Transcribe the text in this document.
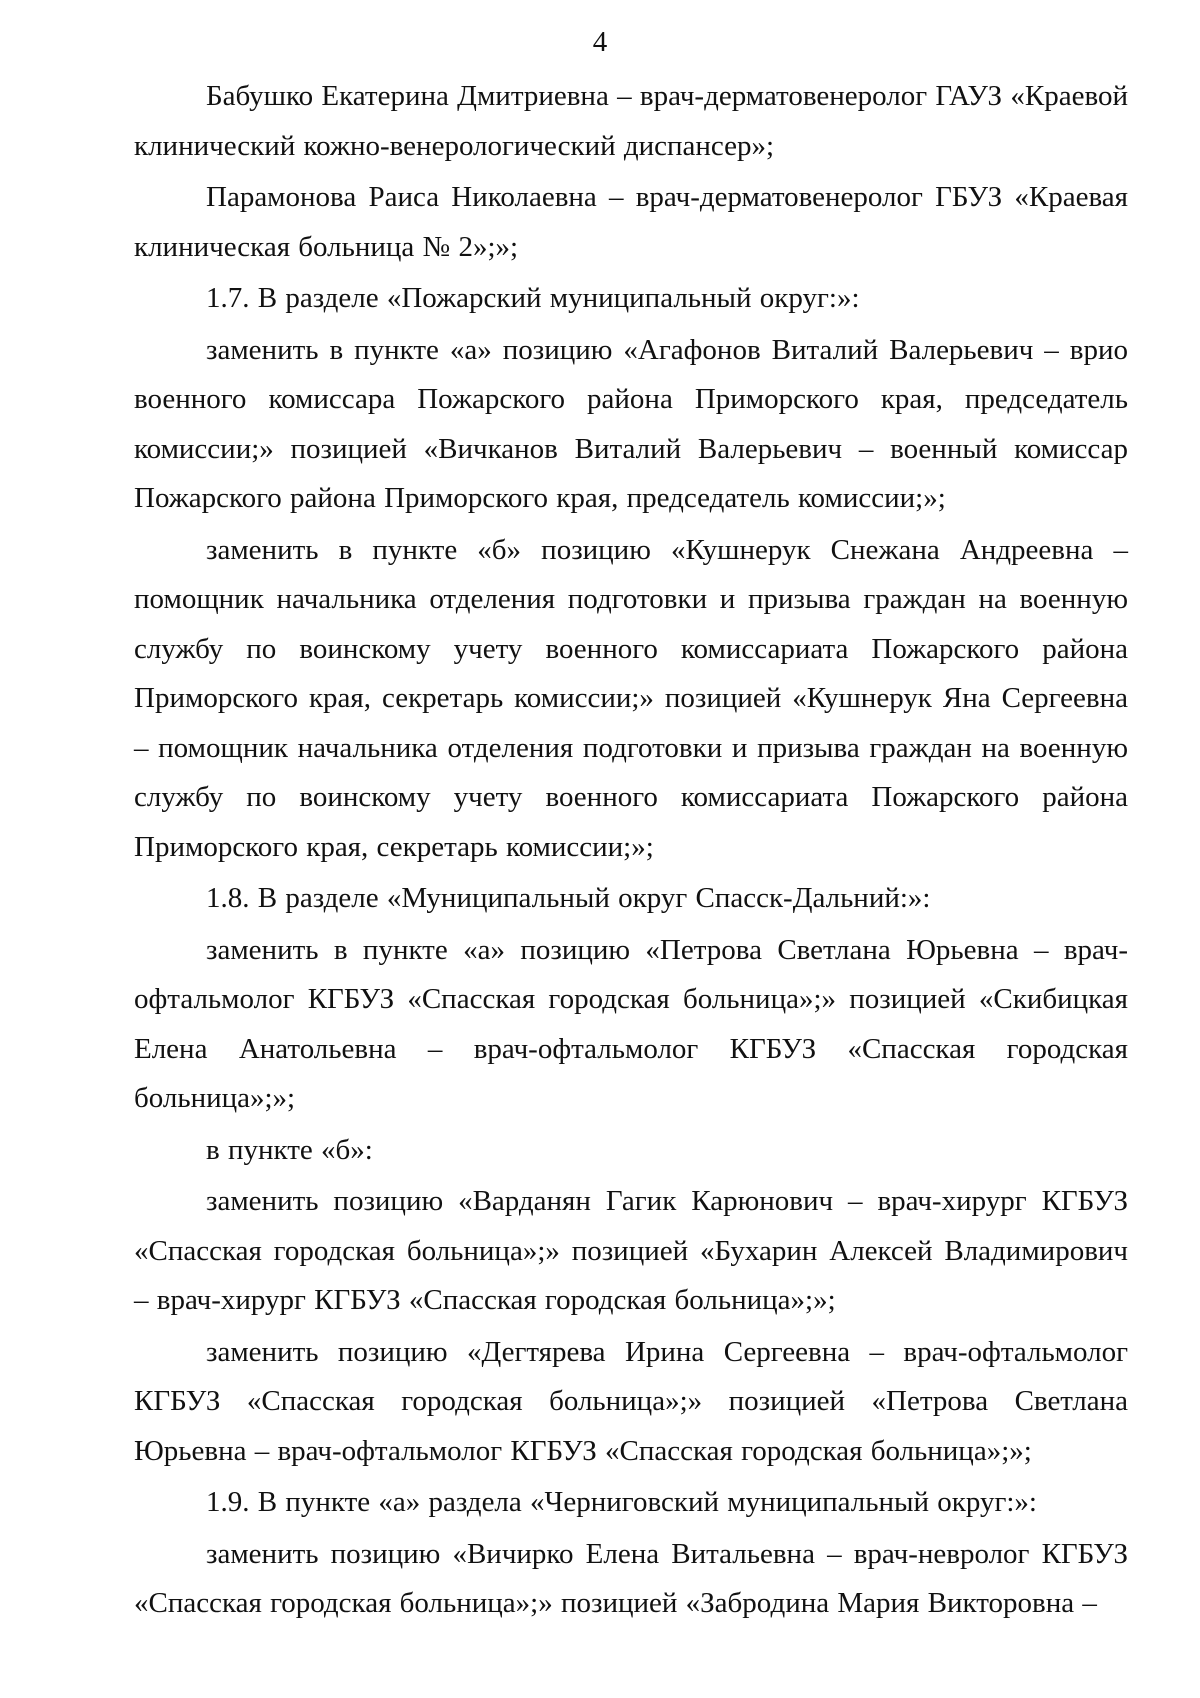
4

Бабушко Екатерина Дмитриевна – врач-дерматовенеролог ГАУЗ «Краевой клинический кожно-венерологический диспансер»;

Парамонова Раиса Николаевна – врач-дерматовенеролог ГБУЗ «Краевая клиническая больница № 2»;»;

1.7. В разделе «Пожарский муниципальный округ:»:

заменить в пункте «а» позицию «Агафонов Виталий Валерьевич – врио военного комиссара Пожарского района Приморского края, председатель комиссии;» позицией «Вичканов Виталий Валерьевич – военный комиссар Пожарского района Приморского края, председатель комиссии;»;

заменить в пункте «б» позицию «Кушнерук Снежана Андреевна – помощник начальника отделения подготовки и призыва граждан на военную службу по воинскому учету военного комиссариата Пожарского района Приморского края, секретарь комиссии;» позицией «Кушнерук Яна Сергеевна – помощник начальника отделения подготовки и призыва граждан на военную службу по воинскому учету военного комиссариата Пожарского района Приморского края, секретарь комиссии;»;

1.8. В разделе «Муниципальный округ Спасск-Дальний:»:

заменить в пункте «а» позицию «Петрова Светлана Юрьевна – врач-офтальмолог КГБУЗ «Спасская городская больница»;» позицией «Скибицкая Елена Анатольевна – врач-офтальмолог КГБУЗ «Спасская городская больница»;»;

в пункте «б»:

заменить позицию «Варданян Гагик Карюнович – врач-хирург КГБУЗ «Спасская городская больница»;» позицией «Бухарин Алексей Владимирович – врач-хирург КГБУЗ «Спасская городская больница»;»;

заменить позицию «Дегтярева Ирина Сергеевна – врач-офтальмолог КГБУЗ «Спасская городская больница»;» позицией «Петрова Светлана Юрьевна – врач-офтальмолог КГБУЗ «Спасская городская больница»;»;

1.9. В пункте «а» раздела «Черниговский муниципальный округ:»:

заменить позицию «Вичирко Елена Витальевна – врач-невролог КГБУЗ «Спасская городская больница»;» позицией «Забродина Мария Викторовна –
